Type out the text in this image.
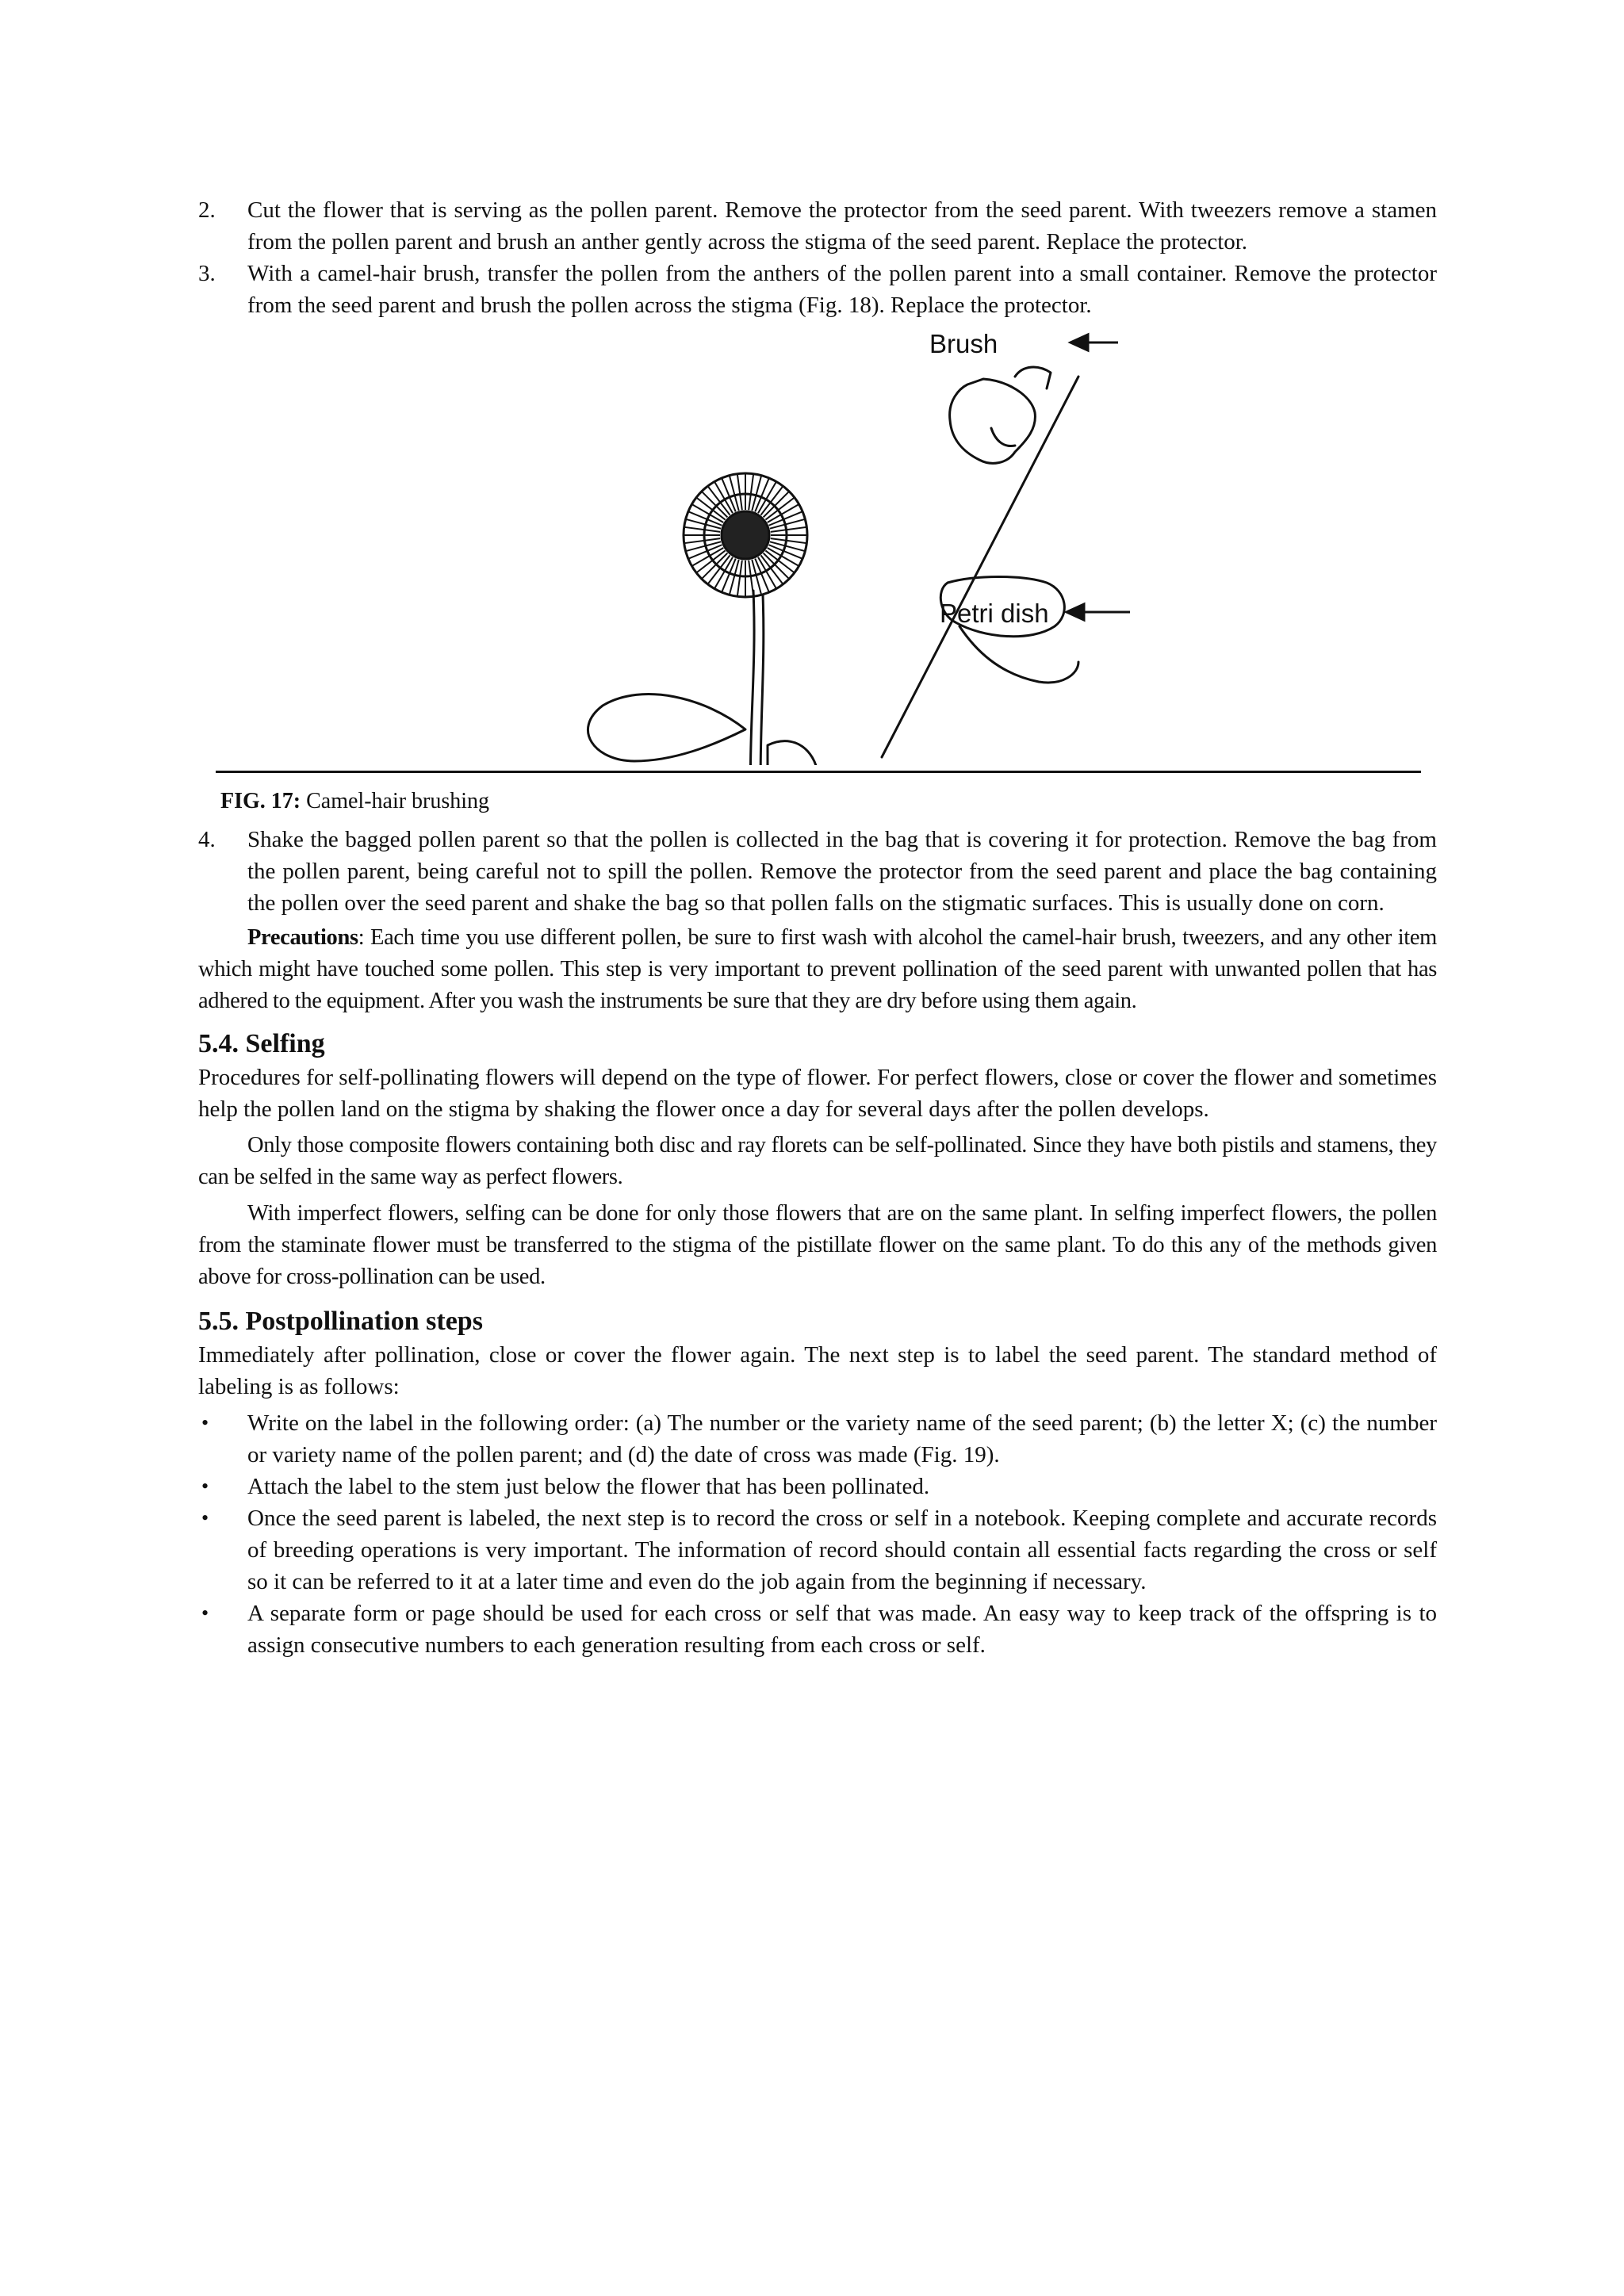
2. Cut the flower that is serving as the pollen parent. Remove the protector from the seed parent. With tweezers remove a stamen from the pollen parent and brush an anther gently across the stigma of the seed parent. Replace the protector.
3. With a camel-hair brush, transfer the pollen from the anthers of the pollen parent into a small container. Remove the protector from the seed parent and brush the pollen across the stigma (Fig. 18). Replace the protector.
Brush
Petri dish

FIG. 17: Camel-hair brushing

4. Shake the bagged pollen parent so that the pollen is collected in the bag that is covering it for protection. Remove the bag from the pollen parent, being careful not to spill the pollen. Remove the protector from the seed parent and place the bag containing the pollen over the seed parent and shake the bag so that pollen falls on the stigmatic surfaces. This is usually done on corn.

Precautions: Each time you use different pollen, be sure to first wash with alcohol the camel-hair brush, tweezers, and any other item which might have touched some pollen. This step is very important to prevent pollination of the seed parent with unwanted pollen that has adhered to the equipment. After you wash the instruments be sure that they are dry before using them again.

5.4. Selfing

Procedures for self-pollinating flowers will depend on the type of flower. For perfect flowers, close or cover the flower and sometimes help the pollen land on the stigma by shaking the flower once a day for several days after the pollen develops.

Only those composite flowers containing both disc and ray florets can be self-pollinated. Since they have both pistils and stamens, they can be selfed in the same way as perfect flowers.

With imperfect flowers, selfing can be done for only those flowers that are on the same plant. In selfing imperfect flowers, the pollen from the staminate flower must be transferred to the stigma of the pistillate flower on the same plant. To do this any of the methods given above for cross-pollination can be used.

5.5. Postpollination steps

Immediately after pollination, close or cover the flower again. The next step is to label the seed parent. The standard method of labeling is as follows:

• Write on the label in the following order: (a) The number or the variety name of the seed parent; (b) the letter X; (c) the number or variety name of the pollen parent; and (d) the date of cross was made (Fig. 19).
• Attach the label to the stem just below the flower that has been pollinated.
• Once the seed parent is labeled, the next step is to record the cross or self in a notebook. Keeping complete and accurate records of breeding operations is very important. The information of record should contain all essential facts regarding the cross or self so it can be referred to it at a later time and even do the job again from the beginning if necessary.
• A separate form or page should be used for each cross or self that was made. An easy way to keep track of the offspring is to assign consecutive numbers to each generation resulting from each cross or self.
